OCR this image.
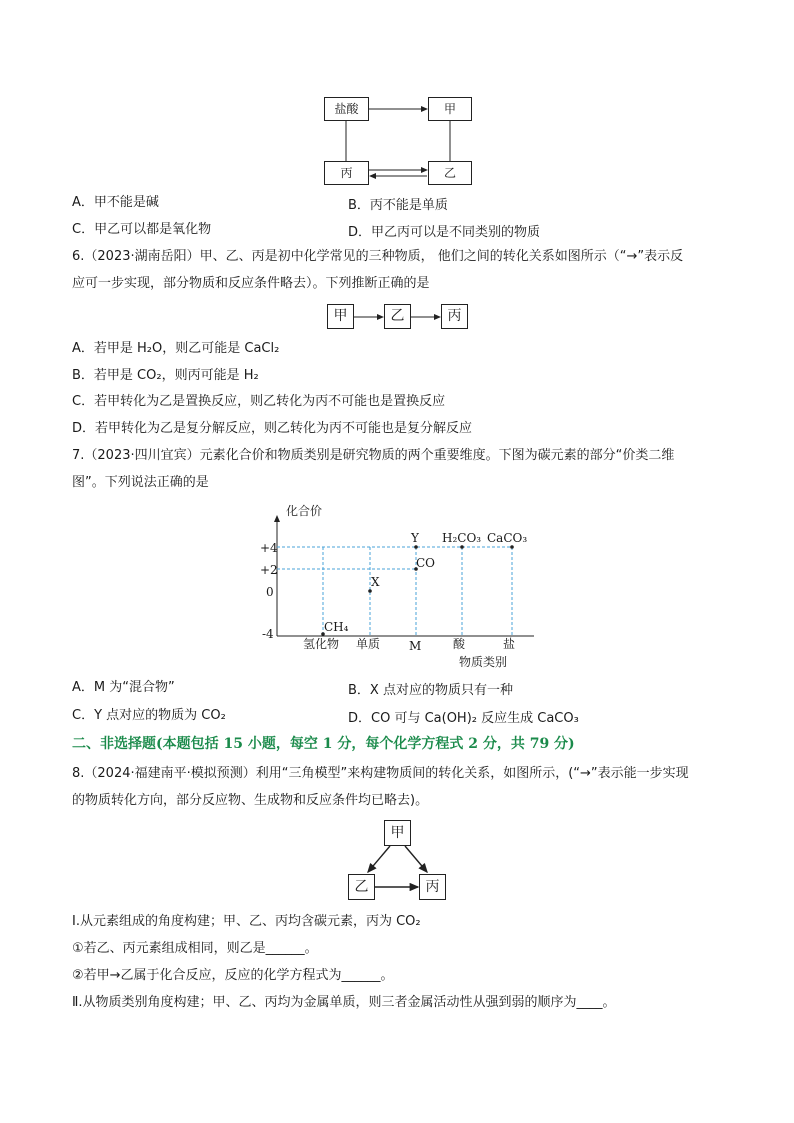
盐酸	甲
丙	乙
A．甲不能是碱	B．丙不能是单质
C．甲乙可以都是氧化物	D．甲乙丙可以是不同类别的物质
6.（2023·湖南岳阳）甲、乙、丙是初中化学常见的三种物质， 他们之间的转化关系如图所示（“→”表示反
应可一步实现，部分物质和反应条件略去）。下列推断正确的是
甲	乙	丙
A．若甲是 H₂O，则乙可能是 CaCl₂
B．若甲是 CO₂，则丙可能是 H₂
C．若甲转化为乙是置换反应，则乙转化为丙不可能也是置换反应
D．若甲转化为乙是复分解反应，则乙转化为丙不可能也是复分解反应
7.（2023·四川宜宾）元素化合价和物质类别是研究物质的两个重要维度。下图为碳元素的部分“价类二维
图”。下列说法正确的是
化合价
物质类别
+4
+2
0
-4
氢化物 单质 M	酸	盐
CH₄
X
CO
Y H₂CO₃ CaCO₃
A．M 为“混合物”	B．X 点对应的物质只有一种
C．Y 点对应的物质为 CO₂	D．CO 可与 Ca(OH)₂ 反应生成 CaCO₃
二、非选择题(本题包括 15 小题，每空 1 分，每个化学方程式 2 分，共 79 分)
8.（2024·福建南平·模拟预测）利用“三角模型”来构建物质间的转化关系，如图所示，(“→”表示能一步实现
的物质转化方向，部分反应物、生成物和反应条件均已略去)。
甲
乙	丙
Ⅰ.从元素组成的角度构建；甲、乙、丙均含碳元素，丙为 CO₂
①若乙、丙元素组成相同，则乙是______。
②若甲→乙属于化合反应，反应的化学方程式为______。
Ⅱ.从物质类别角度构建；甲、乙、丙均为金属单质，则三者金属活动性从强到弱的顺序为____。
